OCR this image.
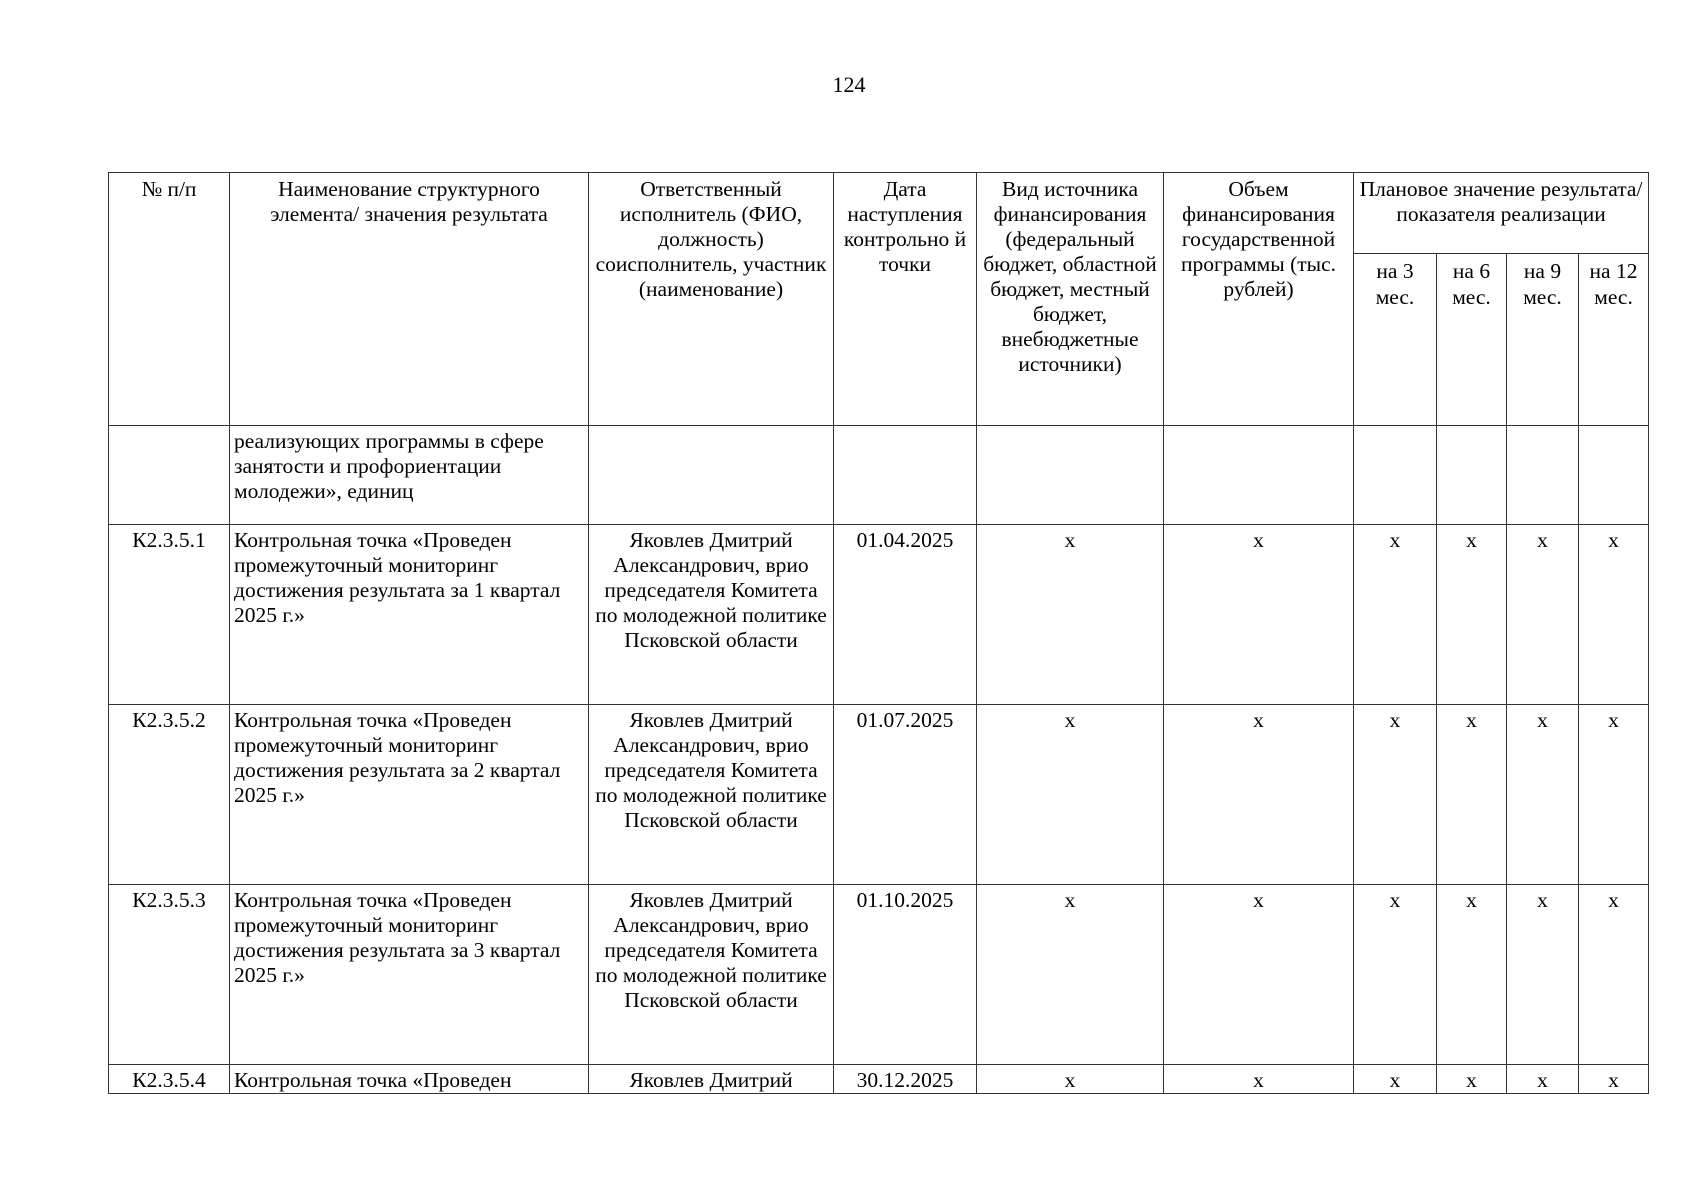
124
№ п/п	Наименование структурного элемента/ значения результата	Ответственный исполнитель (ФИО, должность) соисполнитель, участник (наименование)	Дата наступления контрольно й точки	Вид источника финансирования (федеральный бюджет, областной бюджет, местный бюджет, внебюджетные источники)	Объем финансирования государственной программы (тыс. рублей)	Плановое значение результата/показателя реализации			
						на 3 мес.	на 6 мес.	на 9 мес.	на 12 мес.
	реализующих программы в сфере занятости и профориентации молодежи», единиц								
К2.3.5.1	Контрольная точка «Проведен промежуточный мониторинг достижения результата за 1 квартал 2025 г.»	Яковлев Дмитрий Александрович, врио председателя Комитета по молодежной политике Псковской области	01.04.2025	x	x	x	x	x	x
К2.3.5.2	Контрольная точка «Проведен промежуточный мониторинг достижения результата за 2 квартал 2025 г.»	Яковлев Дмитрий Александрович, врио председателя Комитета по молодежной политике Псковской области	01.07.2025	x	x	x	x	x	x
К2.3.5.3	Контрольная точка «Проведен промежуточный мониторинг достижения результата за 3 квартал 2025 г.»	Яковлев Дмитрий Александрович, врио председателя Комитета по молодежной политике Псковской области	01.10.2025	x	x	x	x	x	x
К2.3.5.4	Контрольная точка «Проведен	Яковлев Дмитрий	30.12.2025	x	x	x	x	x	x
